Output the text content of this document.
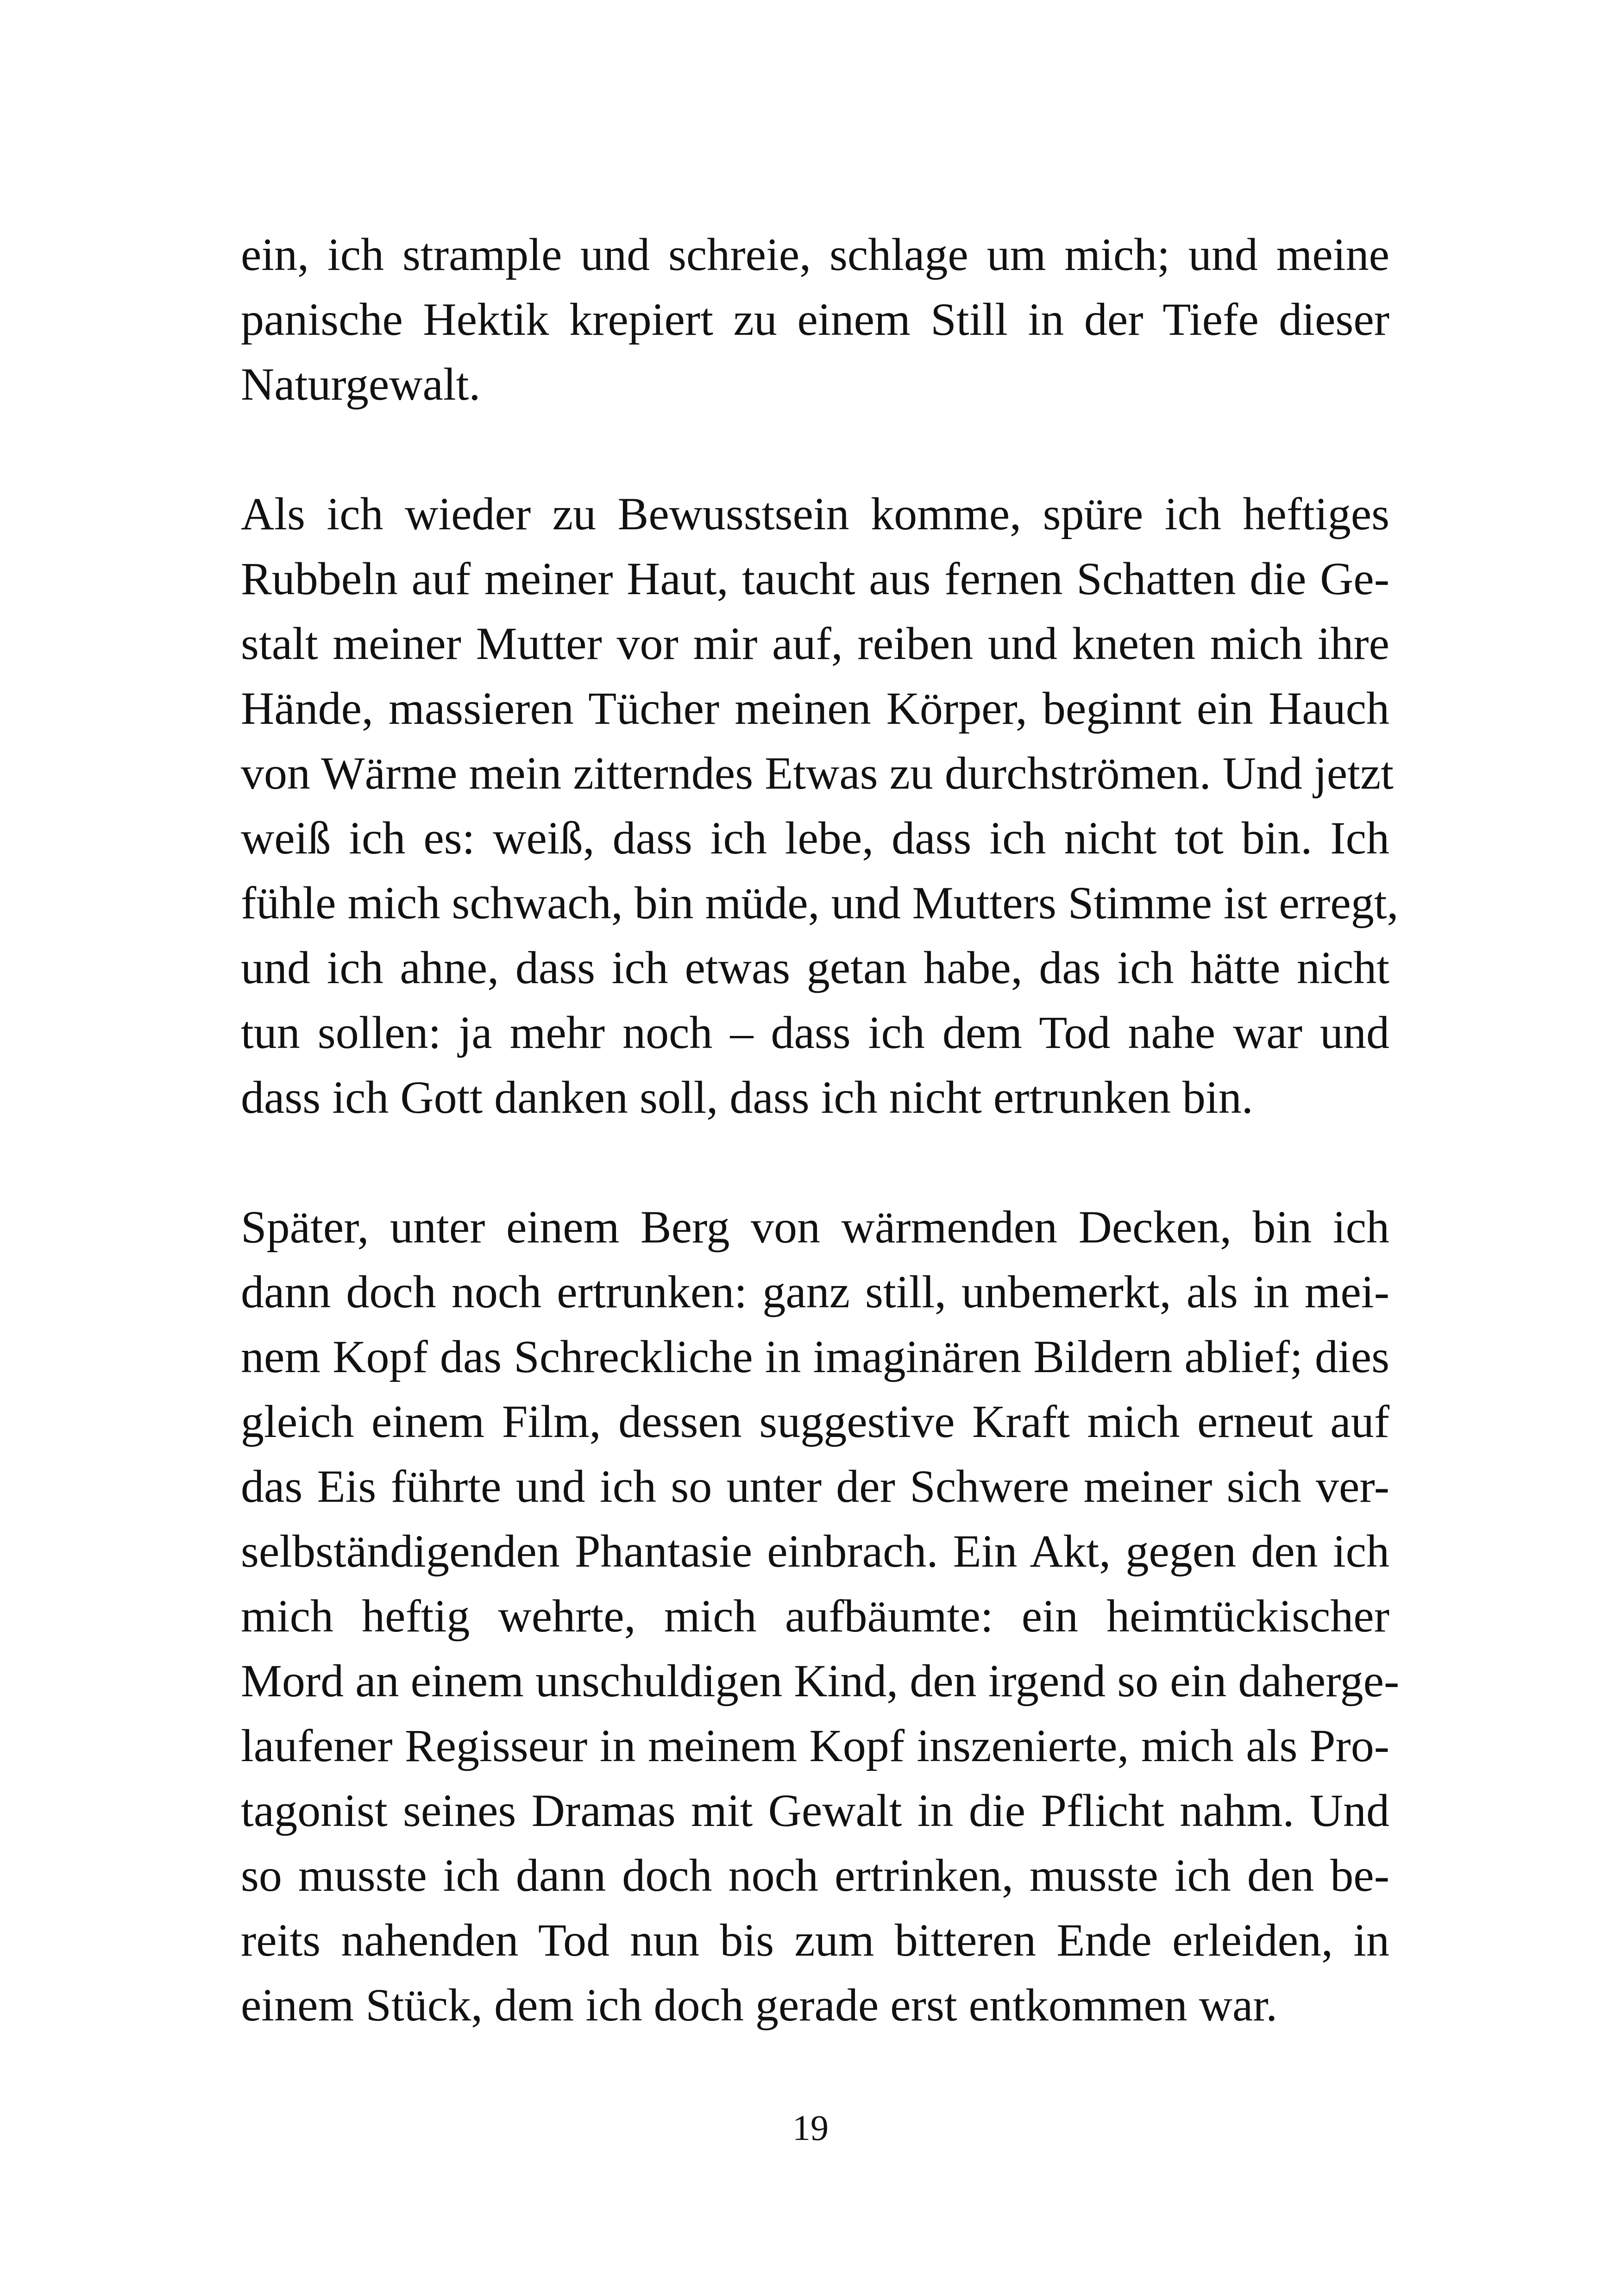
ein, ich strample und schreie, schlage um mich; und meine
panische Hektik krepiert zu einem Still in der Tiefe dieser
Naturgewalt.

Als ich wieder zu Bewusstsein komme, spüre ich heftiges
Rubbeln auf meiner Haut, taucht aus fernen Schatten die Ge-
stalt meiner Mutter vor mir auf, reiben und kneten mich ihre
Hände, massieren Tücher meinen Körper, beginnt ein Hauch
von Wärme mein zitterndes Etwas zu durchströmen. Und jetzt
weiß ich es: weiß, dass ich lebe, dass ich nicht tot bin. Ich
fühle mich schwach, bin müde, und Mutters Stimme ist erregt,
und ich ahne, dass ich etwas getan habe, das ich hätte nicht
tun sollen: ja mehr noch – dass ich dem Tod nahe war und
dass ich Gott danken soll, dass ich nicht ertrunken bin.

Später, unter einem Berg von wärmenden Decken, bin ich
dann doch noch ertrunken: ganz still, unbemerkt, als in mei-
nem Kopf das Schreckliche in imaginären Bildern ablief; dies
gleich einem Film, dessen suggestive Kraft mich erneut auf
das Eis führte und ich so unter der Schwere meiner sich ver-
selbständigenden Phantasie einbrach. Ein Akt, gegen den ich
mich heftig wehrte, mich aufbäumte: ein heimtückischer
Mord an einem unschuldigen Kind, den irgend so ein daherge-
laufener Regisseur in meinem Kopf inszenierte, mich als Pro-
tagonist seines Dramas mit Gewalt in die Pflicht nahm. Und
so musste ich dann doch noch ertrinken, musste ich den be-
reits nahenden Tod nun bis zum bitteren Ende erleiden, in
einem Stück, dem ich doch gerade erst entkommen war.

19
